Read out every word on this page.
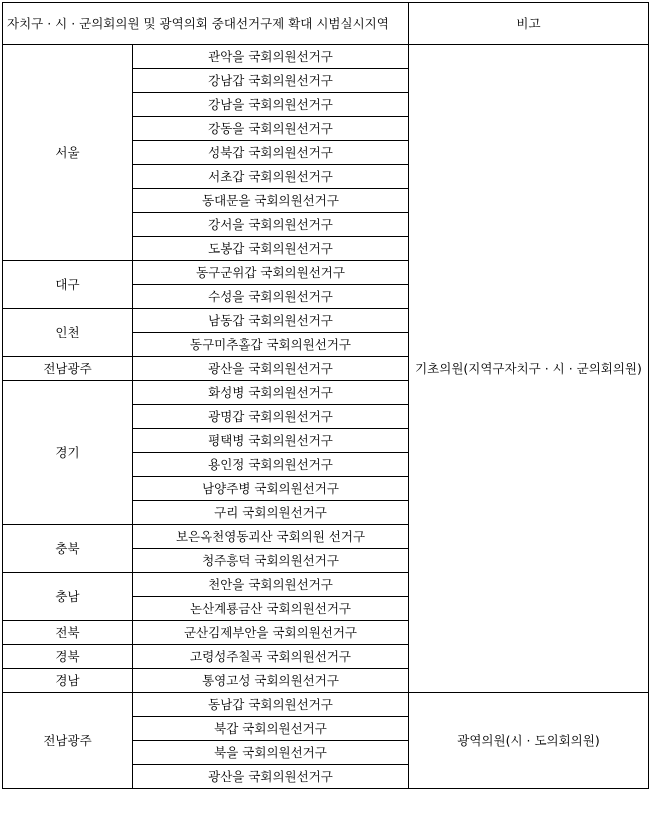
자치구 · 시 · 군의회의원 및 광역의회 중대선거구제 확대 시범실시지역		비고
서울	관악을 국회의원선거구	기초의원(지역구자치구 · 시 · 군의회의원)
	강남갑 국회의원선거구	
	강남을 국회의원선거구	
	강동을 국회의원선거구	
	성북갑 국회의원선거구	
	서초갑 국회의원선거구	
	동대문을 국회의원선거구	
	강서을 국회의원선거구	
	도봉갑 국회의원선거구	
대구	동구군위갑 국회의원선거구	
	수성을 국회의원선거구	
인천	남동갑 국회의원선거구	
	동구미추홀갑 국회의원선거구	
전남광주	광산을 국회의원선거구	
경기	화성병 국회의원선거구	
	광명갑 국회의원선거구	
	평택병 국회의원선거구	
	용인정 국회의원선거구	
	남양주병 국회의원선거구	
	구리 국회의원선거구	
충북	보은옥천영동괴산 국회의원 선거구	
	청주흥덕 국회의원선거구	
충남	천안을 국회의원선거구	
	논산계룡금산 국회의원선거구	
전북	군산김제부안을 국회의원선거구	
경북	고령성주칠곡 국회의원선거구	
경남	통영고성 국회의원선거구	
전남광주	동남갑 국회의원선거구	광역의원(시 · 도의회의원)
	북갑 국회의원선거구	
	북을 국회의원선거구	
	광산을 국회의원선거구	
